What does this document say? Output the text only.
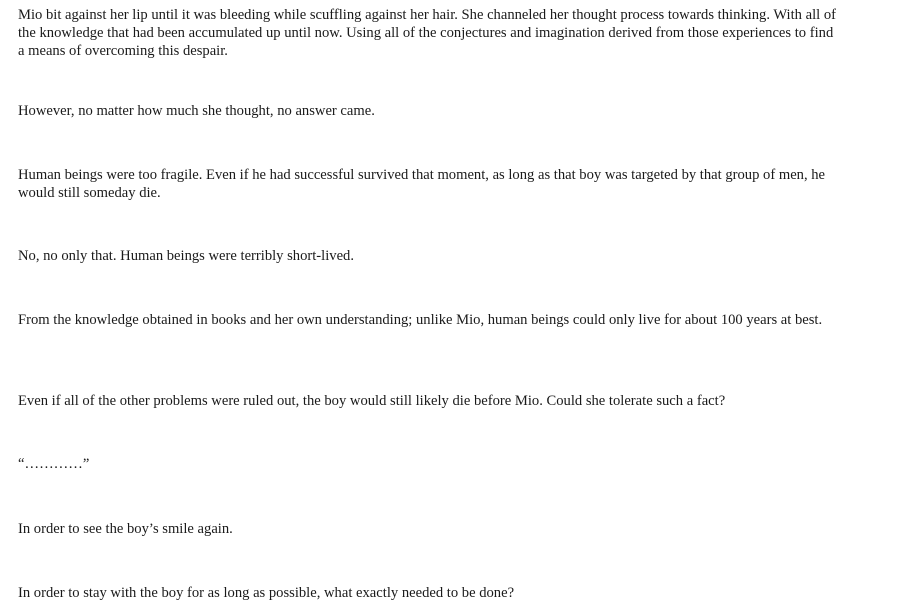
Mio bit against her lip until it was bleeding while scuffling against her hair. She channeled her thought process towards thinking. With all of the knowledge that had been accumulated up until now. Using all of the conjectures and imagination derived from those experiences to find a means of overcoming this despair.

However, no matter how much she thought, no answer came.

Human beings were too fragile. Even if he had successful survived that moment, as long as that boy was targeted by that group of men, he would still someday die.

No, no only that. Human beings were terribly short-lived.

From the knowledge obtained in books and her own understanding; unlike Mio, human beings could only live for about 100 years at best.

Even if all of the other problems were ruled out, the boy would still likely die before Mio. Could she tolerate such a fact?

“…………”

In order to see the boy’s smile again.

In order to stay with the boy for as long as possible, what exactly needed to be done?
